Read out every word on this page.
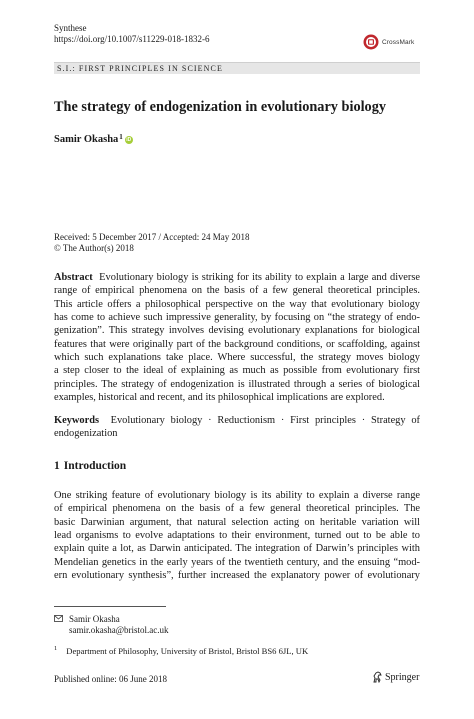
Synthese
https://doi.org/10.1007/s11229-018-1832-6	CrossMark
S.I.: FIRST PRINCIPLES IN SCIENCE
The strategy of endogenization in evolutionary biology
Samir Okasha 1 iD
Received: 5 December 2017 / Accepted: 24 May 2018
© The Author(s) 2018
Abstract Evolutionary biology is striking for its ability to explain a large and diverse
range of empirical phenomena on the basis of a few general theoretical principles.
This article offers a philosophical perspective on the way that evolutionary biology
has come to achieve such impressive generality, by focusing on “the strategy of endo-
genization”. This strategy involves devising evolutionary explanations for biological
features that were originally part of the background conditions, or scaffolding, against
which such explanations take place. Where successful, the strategy moves biology
a step closer to the ideal of explaining as much as possible from evolutionary first
principles. The strategy of endogenization is illustrated through a series of biological
examples, historical and recent, and its philosophical implications are explored.
Keywords Evolutionary biology · Reductionism · First principles · Strategy of
endogenization
1 Introduction
One striking feature of evolutionary biology is its ability to explain a diverse range
of empirical phenomena on the basis of a few general theoretical principles. The
basic Darwinian argument, that natural selection acting on heritable variation will
lead organisms to evolve adaptations to their environment, turned out to be able to
explain quite a lot, as Darwin anticipated. The integration of Darwin’s principles with
Mendelian genetics in the early years of the twentieth century, and the ensuing “mod-
ern evolutionary synthesis”, further increased the explanatory power of evolutionary
Samir Okasha
samir.okasha@bristol.ac.uk
$^1$ Department of Philosophy, University of Bristol, Bristol BS6 6JL, UK
Published online: 06 June 2018	Springer
